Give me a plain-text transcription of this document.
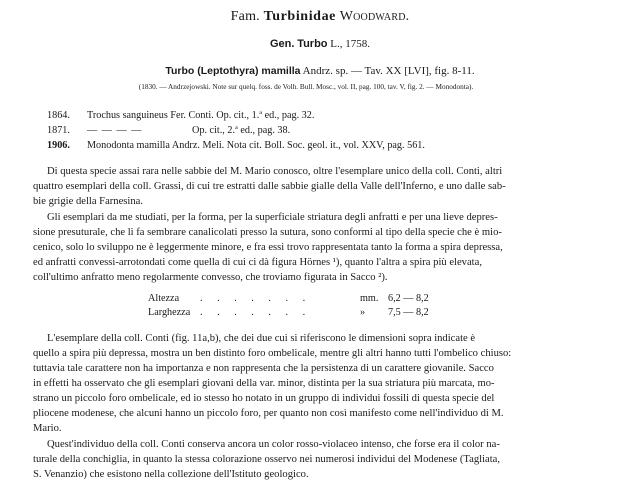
Fam. Turbinidae Woodward.
Gen. Turbo L., 1758.
Turbo (Leptothyra) mamilla Andrz. sp. — Tav. XX [LVI], fig. 8-11.
(1830. — Andrzejowski. Note sur quelq. foss. de Volh. Bull. Mosc., vol. II, pag. 100, tav. V, fig. 2. — Monodonta).
1864. Trochus sanguineus Fer. Conti. Op. cit., 1.ª ed., pag. 32.
1871. — — — —	Op. cit., 2.ª ed., pag. 38.
1906. Monodonta mamilla Andrz. Meli. Nota cit. Boll. Soc. geol. it., vol. XXV, pag. 561.
Di questa specie assai rara nelle sabbie del M. Mario conosco, oltre l'esemplare unico della coll. Conti, altri
quattro esemplari della coll. Grassi, di cui tre estratti dalle sabbie gialle della Valle dell'Inferno, e uno dalle sab-
bie grigie della Farnesina.
Gli esemplari da me studiati, per la forma, per la superficiale striatura degli anfratti e per una lieve depres-
sione presuturale, che li fa sembrare canalicolati presso la sutura, sono conformi al tipo della specie che è mio-
cenico, solo lo sviluppo ne è leggermente minore, e fra essi trovo rappresentata tanto la forma a spira depressa,
ed anfratti convessi-arrotondati come quella di cui ci dà figura Hörnes ¹), quanto l'altra a spira più elevata,
coll'ultimo anfratto meno regolarmente convesso, che troviamo figurata in Sacco ²).
Altezza . . . . . . .	mm. 6,2 — 8,2
Larghezza . . . . . . .	» 7,5 — 8,2
L'esemplare della coll. Conti (fig. 11a,b), che dei due cui si riferiscono le dimensioni sopra indicate è
quello a spira più depressa, mostra un ben distinto foro ombelicale, mentre gli altri hanno tutti l'ombelico chiuso:
tuttavia tale carattere non ha importanza e non rappresenta che la persistenza di un carattere giovanile. Sacco
in effetti ha osservato che gli esemplari giovani della var. minor, distinta per la sua striatura più marcata, mo-
strano un piccolo foro ombelicale, ed io stesso ho notato in un gruppo di individui fossili di questa specie del
pliocene modenese, che alcuni hanno un piccolo foro, per quanto non così manifesto come nell'individuo di M.
Mario.
Quest'individuo della coll. Conti conserva ancora un color rosso-violaceo intenso, che forse era il color na-
turale della conchiglia, in quanto la stessa colorazione osservo nei numerosi individui del Modenese (Tagliata,
S. Venanzio) che esistono nella collezione dell'Istituto geologico.
